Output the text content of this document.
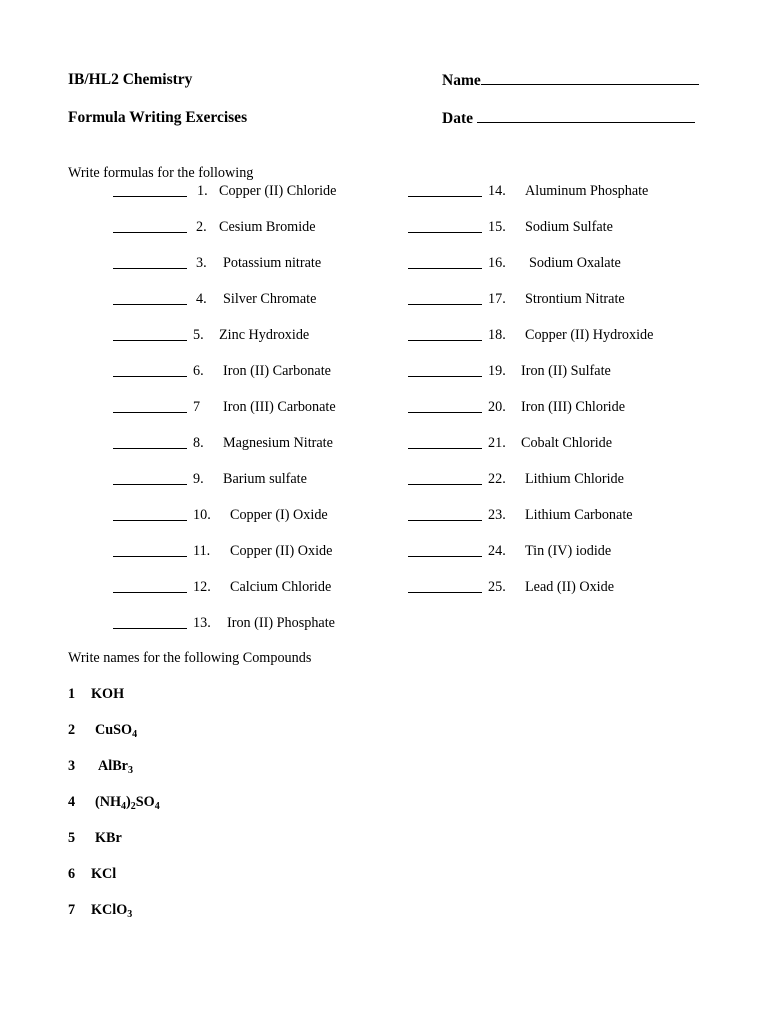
IB/HL2 Chemistry
Formula Writing Exercises
Name
Date
Write formulas for the following
1. Copper (II) Chloride
2. Cesium Bromide
3. Potassium nitrate
4. Silver Chromate
5. Zinc Hydroxide
6. Iron (II) Carbonate
7 Iron (III) Carbonate
8. Magnesium Nitrate
9. Barium sulfate
10. Copper (I) Oxide
11. Copper (II) Oxide
12. Calcium Chloride
13. Iron (II) Phosphate
14. Aluminum Phosphate
15. Sodium Sulfate
16. Sodium Oxalate
17. Strontium Nitrate
18. Copper (II) Hydroxide
19. Iron (II) Sulfate
20. Iron (III) Chloride
21. Cobalt Chloride
22. Lithium Chloride
23. Lithium Carbonate
24. Tin (IV) iodide
25. Lead (II) Oxide
Write names for the following Compounds
1 KOH
2 CuSO$_4$
3 AlBr$_3$
4 $(NH_4)_2SO_4$
5 KBr
6 KCl
7 KClO$_3$
